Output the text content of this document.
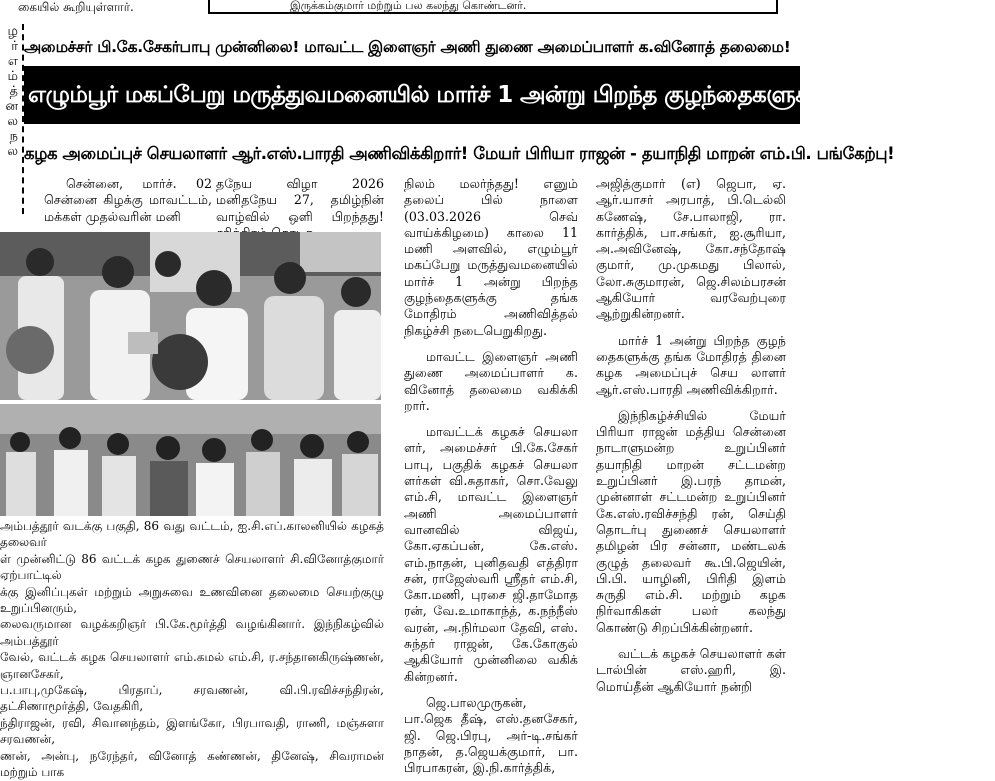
கையில் கூறியுள்ளார்.	இருக்கம்குமார் மற்றும் பல கலந்து கொண்டனர்.
ழ
ர்
எ
ம்
த்
ன
ல
ந
ல
அமைச்சர் பி.கே.சேகர்பாபு முன்னிலை! மாவட்ட இளைஞர் அணி துணை அமைப்பாளர் க.வினோத் தலைமை!
எழும்பூர் மகப்பேறு மருத்துவமனையில் மார்ச் 1 அன்று பிறந்த குழந்தைகளுக்கு தங்க மோதிரம்!
கழக அமைப்புச் செயலாளர் ஆர்.எஸ்.பாரதி அணிவிக்கிறார்! மேயர் பிரியா ராஜன் - தயாநிதி மாறன் எம்.பி. பங்கேற்பு!

சென்னை, மார்ச். 02 சென்னை கிழக்கு மாவட்டம், மக்கள் முதல்வரின் மனி

தநேய விழா 2026 மனிதநேய 27, தமிழ்நின் வாழ்வில் ஒளி பிறந்தது!

நிலம் மலர்ந்தது! எனும் தலைப் பில் நாளை (03.03.2026 செவ் வாய்க்கிழமை) காலை 11 மணி அளவில், எழும்பூர் மகப்பேறு மருத்துவமனையில் மார்ச் 1 அன்று பிறந்த குழந்தைகளுக்கு தங்க மோதிரம் அணிவித்தல் நிகழ்ச்சி நடைபெறுகிறது.

மாவட்ட இளைஞர் அணி துணை அமைப்பாளர் க. வினோத் தலைமை வகிக்கி றார்.

மாவட்டக் கழகச் செயலா ளர், அமைச்சர் பி.கே.சேகர் பாபு, பகுதிக் கழகச் செயலா ளர்கள் வி.சுதாகர், சொ.வேலு எம்.சி, மாவட்ட இளைஞர் அணி அமைப்பாளர் வானவில் விஜய், கோ.ஏகப்பன், கே.எஸ். எம்.நாதன், புனிதவதி எத்திரா சன், ராஜேஸ்வரி ஸ்ரீதர் எம்.சி, கோ.மணி, புரசை ஜி.தாமோத ரன், வே.உமாகாந்த், க.நந்நீஸ் வரன், அ.நிர்மலா தேவி, எஸ். சுந்தர் ராஜன், கே.கோகுல் ஆகியோர் முன்னிலை வகிக் கின்றனர்.

ஜெ.பாலமுருகன், பா.ஜெக தீஷ், எஸ்.தனசேகர், ஜி. ஜெ.பிரபு, அர்-டி.சங்கர் நாதன், த.ஜெயக்குமார், பா. பிரபாகரன், இ.நி.கார்த்திக்,

அஜித்குமார் (எ) ஜெபா, ஏ. ஆர்.யாசர் அரபாத், பி.டெல்லி கணேஷ், சே.பாலாஜி, ரா. கார்த்திக், பா.சங்கர், ஐ.சூரியா, அ.அவினேஷ், கோ.சந்தோஷ் குமார், மு.முகமது பிலால், லோ.சுகுமாரன், ஜெ.சிலம்பரசன் ஆகியோர் வரவேற்புரை ஆற்றுகின்றனர்.

மார்ச் 1 அன்று பிறந்த குழந் தைகளுக்கு தங்க மோதிரத் தினை கழக அமைப்புச் செய லாளர் ஆர்.எஸ்.பாரதி அணிவிக்கிறார்.

இந்நிகழ்ச்சியில் மேயர் பிரியா ராஜன் மத்திய சென்னை நாடாளுமன்ற உறுப்பினர் தயாநிதி மாறன் சட்டமன்ற உறுப்பினர் இ.பரந் தாமன், முன்னாள் சட்டமன்ற உறுப்பினர் கே.எஸ்.ரவிச்சந்தி ரன், செய்தி தொடர்பு துணைச் செயலாளர் தமிழன் பிர சன்னா, மண்டலக் குழுத் தலைவர் கூ.பி.ஜெயின், பி.பி. யாழினி, பிரிதி இளம் சுருதி எம்.சி. மற்றும் கழக நிர்வாகிகள் பலர் கலந்து கொண்டு சிறப்பிக்கின்றனர்.

வட்டக் கழகச் செயலாளர் கள் டால்பின் எஸ்.ஹரி, இ. மொய்தீன் ஆகியோர் நன்றி

அம்பத்தூர் வடக்கு பகுதி, 86 வது வட்டம், ஐ.சி.எப்.காலனியில் கழகத் தலைவர்

ள் முன்னிட்டு 86 வட்டக் கழக துணைச் செயலாளர் சி.வினோத்குமார் ஏற்பாட்டில்

க்கு இனிப்புகள் மற்றும் அறுசுவை உணவினை தலைமை செயற்குழு உறுப்பினரும்,

லைவருமான வழக்கறிஞர் பி.கே.மூர்த்தி வழங்கினார். இந்நிகழ்வில் அம்பத்தூர்

வேல், வட்டக் கழக செயலாளர் எம்.கமல் எம்.சி, ர.சந்தானகிருஷ்ணன், ஞானசேகர்,

ப.பாபு,முகேஷ், பிரதாப், சரவணன், வி.பி.ரவிச்சந்திரன், தட்சிணாமூர்த்தி, வேதகிரி,

ந்திராஜன், ரவி, சிவானந்தம், இளங்கோ, பிரபாவதி, ராணி, மஞ்சுளா சரவணன்,

ணன், அன்பு, நரேந்தர், வினோத் கண்ணன், தினேஷ், சிவராமன் மற்றும் பாக
